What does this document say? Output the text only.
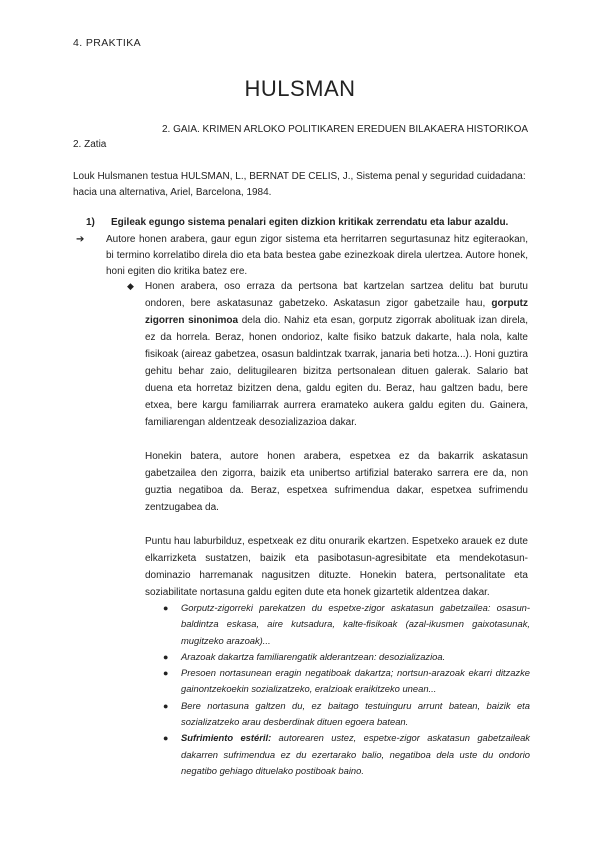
4. PRAKTIKA
HULSMAN
2. GAIA. KRIMEN ARLOKO POLITIKAREN EREDUEN BILAKAERA HISTORIKOA
2. Zatia
Louk Hulsmanen testua HULSMAN, L., BERNAT DE CELIS, J., Sistema penal y seguridad cuidadana: hacia una alternativa, Ariel, Barcelona, 1984.
1) Egileak egungo sistema penalari egiten dizkion kritikak zerrendatu eta labur azaldu.
➔ Autore honen arabera, gaur egun zigor sistema eta herritarren segurtasunaz hitz egiteraokan, bi termino korrelatibo direla dio eta bata bestea gabe ezinezkoak direla ulertzea. Autore honek, honi egiten dio kritika batez ere.
◆ Honen arabera, oso erraza da pertsona bat kartzelan sartzea delitu bat burutu ondoren, bere askatasunaz gabetzeko. Askatasun zigor gabetzaile hau, gorputz zigorren sinonimoa dela dio. Nahiz eta esan, gorputz zigorrak abolituak izan direla, ez da horrela. Beraz, honen ondorioz, kalte fisiko batzuk dakarte, hala nola, kalte fisikoak (aireaz gabetzea, osasun baldintzak txarrak, janaria beti hotza...). Honi guztira gehitu behar zaio, delitugilearen bizitza pertsonalean dituen galerak. Salario bat duena eta horretaz bizitzen dena, galdu egiten du. Beraz, hau galtzen badu, bere etxea, bere kargu familiarrak aurrera eramateko aukera galdu egiten du. Gainera, familiarengan aldentzeak desozializazioa dakar.

Honekin batera, autore honen arabera, espetxea ez da bakarrik askatasun gabetzailea den zigorra, baizik eta unibertso artifizial baterako sarrera ere da, non guztia negatiboa da. Beraz, espetxea sufrimendua dakar, espetxea sufrimendu zentzugabea da.

Puntu hau laburbilduz, espetxeak ez ditu onurarik ekartzen. Espetxeko arauek ez dute elkarrizketa sustatzen, baizik eta pasibotasun-agresibitate eta mendekotasun-dominazio harremanak nagusitzen dituzte. Honekin batera, pertsonalitate eta soziabilitate nortasuna galdu egiten dute eta honek gizartetik aldentzea dakar.

● Gorputz-zigorreki parekatzen du espetxe-zigor askatasun gabetzailea: osasun-baldintza eskasa, aire kutsadura, kalte-fisikoak (azal-ikusmen gaixotasunak, mugitzeko arazoak)...
● Arazoak dakartza familiarengatik alderantzean: desozializazioa.
● Presoen nortasunean eragin negatiboak dakartza; nortsun-arazoak ekarri ditzazke gainontzekoekin sozializatzeko, eralzioak eraikitzeko unean...
● Bere nortasuna galtzen du, ez baitago testuinguru arrunt batean, baizik eta sozializatzeko arau desberdinak dituen egoera batean.
● Sufrimiento estéril: autorearen ustez, espetxe-zigor askatasun gabetzaileak dakarren sufrimendua ez du ezertarako balio, negatiboa dela uste du ondorio negatibo gehiago dituelako postiboak baino.
